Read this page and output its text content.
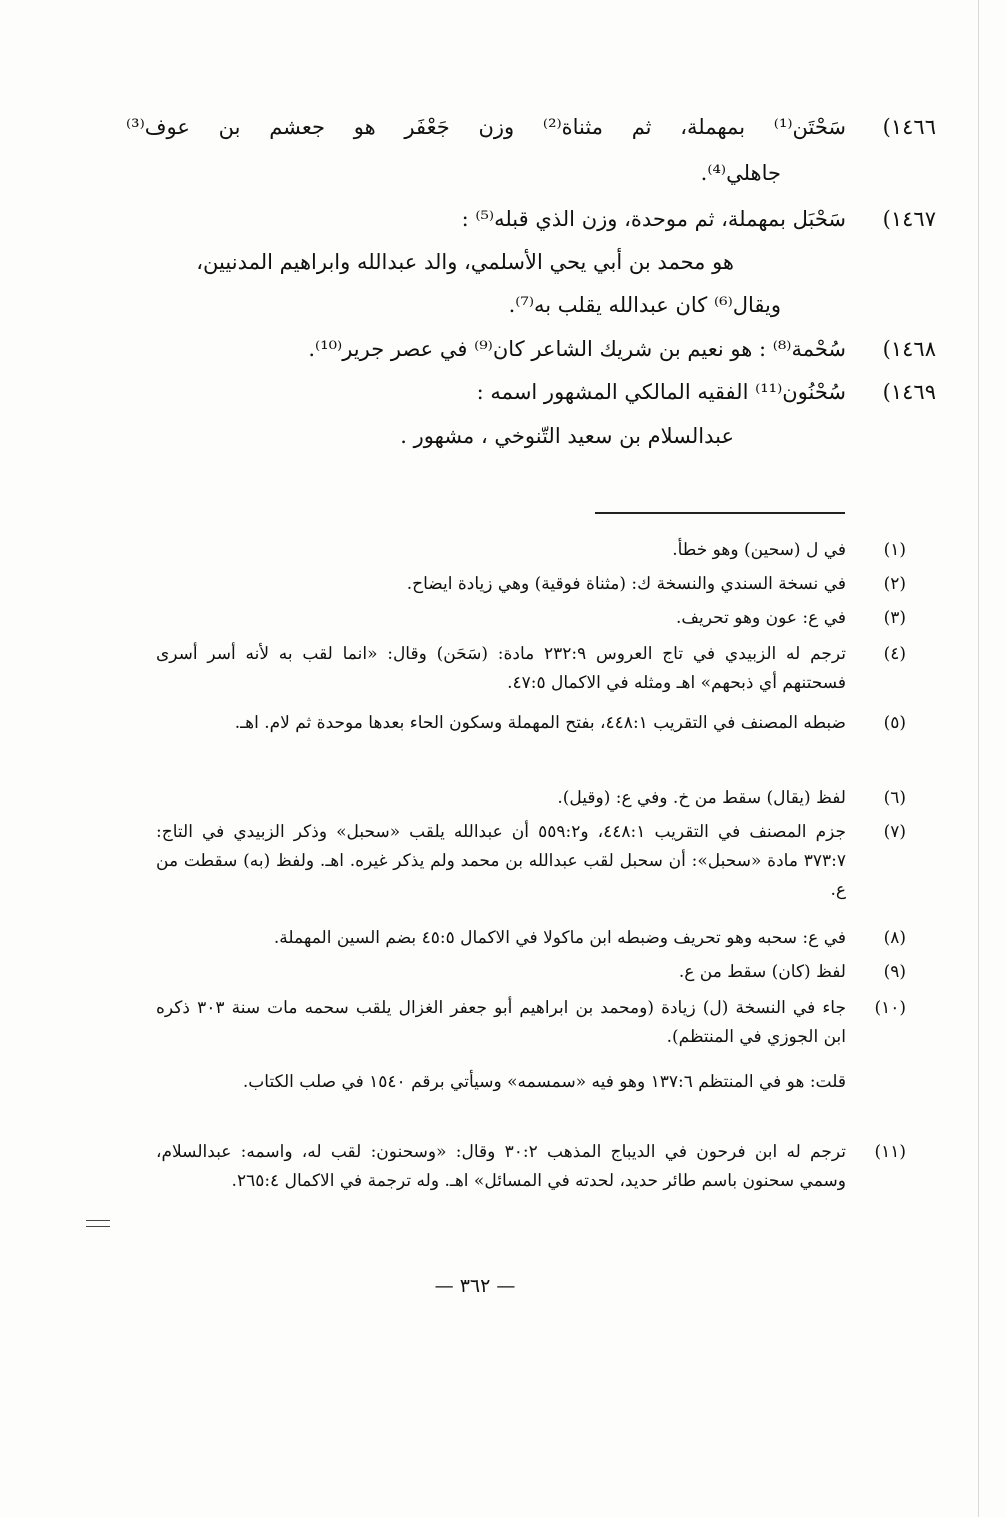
١٤٦٦)
سَحْتَن⁽¹⁾ بمهملة، ثم مثناة⁽²⁾ وزن جَعْفَر هو جعشم بن عوف⁽³⁾
جاهلي⁽⁴⁾.
١٤٦٧)
سَحْبَل بمهملة، ثم موحدة، وزن الذي قبله⁽⁵⁾ :
هو محمد بن أبي يحي الأسلمي، والد عبدالله وابراهيم المدنيين،
ويقال⁽⁶⁾ كان عبدالله يقلب به⁽⁷⁾.
١٤٦٨)
سُحْمة⁽⁸⁾ : هو نعيم بن شريك الشاعر كان⁽⁹⁾ في عصر جرير⁽¹⁰⁾.
١٤٦٩)
سُحْنُون⁽¹¹⁾ الفقيه المالكي المشهور اسمه :
عبدالسلام بن سعيد التّنوخي ، مشهور .
(١)
في ل (سحين) وهو خطأ.
(٢)
في نسخة السندي والنسخة ك: (مثناة فوقية) وهي زيادة ايضاح.
(٣)
في ع: عون وهو تحريف.
(٤)
ترجم له الزبيدي في تاج العروس ٢٣٢:٩ مادة: (سَحَن) وقال: «انما لقب به لأنه أسر أسرى فسحتنهم أي ذبحهم» اهـ ومثله في الاكمال ٤٧:٥.
(٥)
ضبطه المصنف في التقريب ٤٤٨:١، بفتح المهملة وسكون الحاء بعدها موحدة ثم لام. اهـ.
(٦)
لفظ (يقال) سقط من خ. وفي ع: (وقيل).
(٧)
جزم المصنف في التقريب ٤٤٨:١، و٥٥٩:٢ أن عبدالله يلقب «سحبل» وذكر الزبيدي في التاج: ٣٧٣:٧ مادة «سحبل»: أن سحبل لقب عبدالله بن محمد ولم يذكر غيره. اهـ. ولفظ (به) سقطت من ع.
(٨)
في ع: سحبه وهو تحريف وضبطه ابن ماكولا في الاكمال ٤٥:٥ بضم السين المهملة.
(٩)
لفظ (كان) سقط من ع.
(١٠)
جاء في النسخة (ل) زيادة (ومحمد بن ابراهيم أبو جعفر الغزال يلقب سحمه مات سنة ٣٠٣ ذكره ابن الجوزي في المنتظم).
قلت: هو في المنتظم ١٣٧:٦ وهو فيه «سمسمه» وسيأتي برقم ١٥٤٠ في صلب الكتاب.
(١١)
ترجم له ابن فرحون في الديباج المذهب ٣٠:٢ وقال: «وسحنون: لقب له، واسمه: عبدالسلام، وسمي سحنون باسم طائر حديد، لحدته في المسائل» اهـ. وله ترجمة في الاكمال ٢٦٥:٤.
— ٣٦٢ —
